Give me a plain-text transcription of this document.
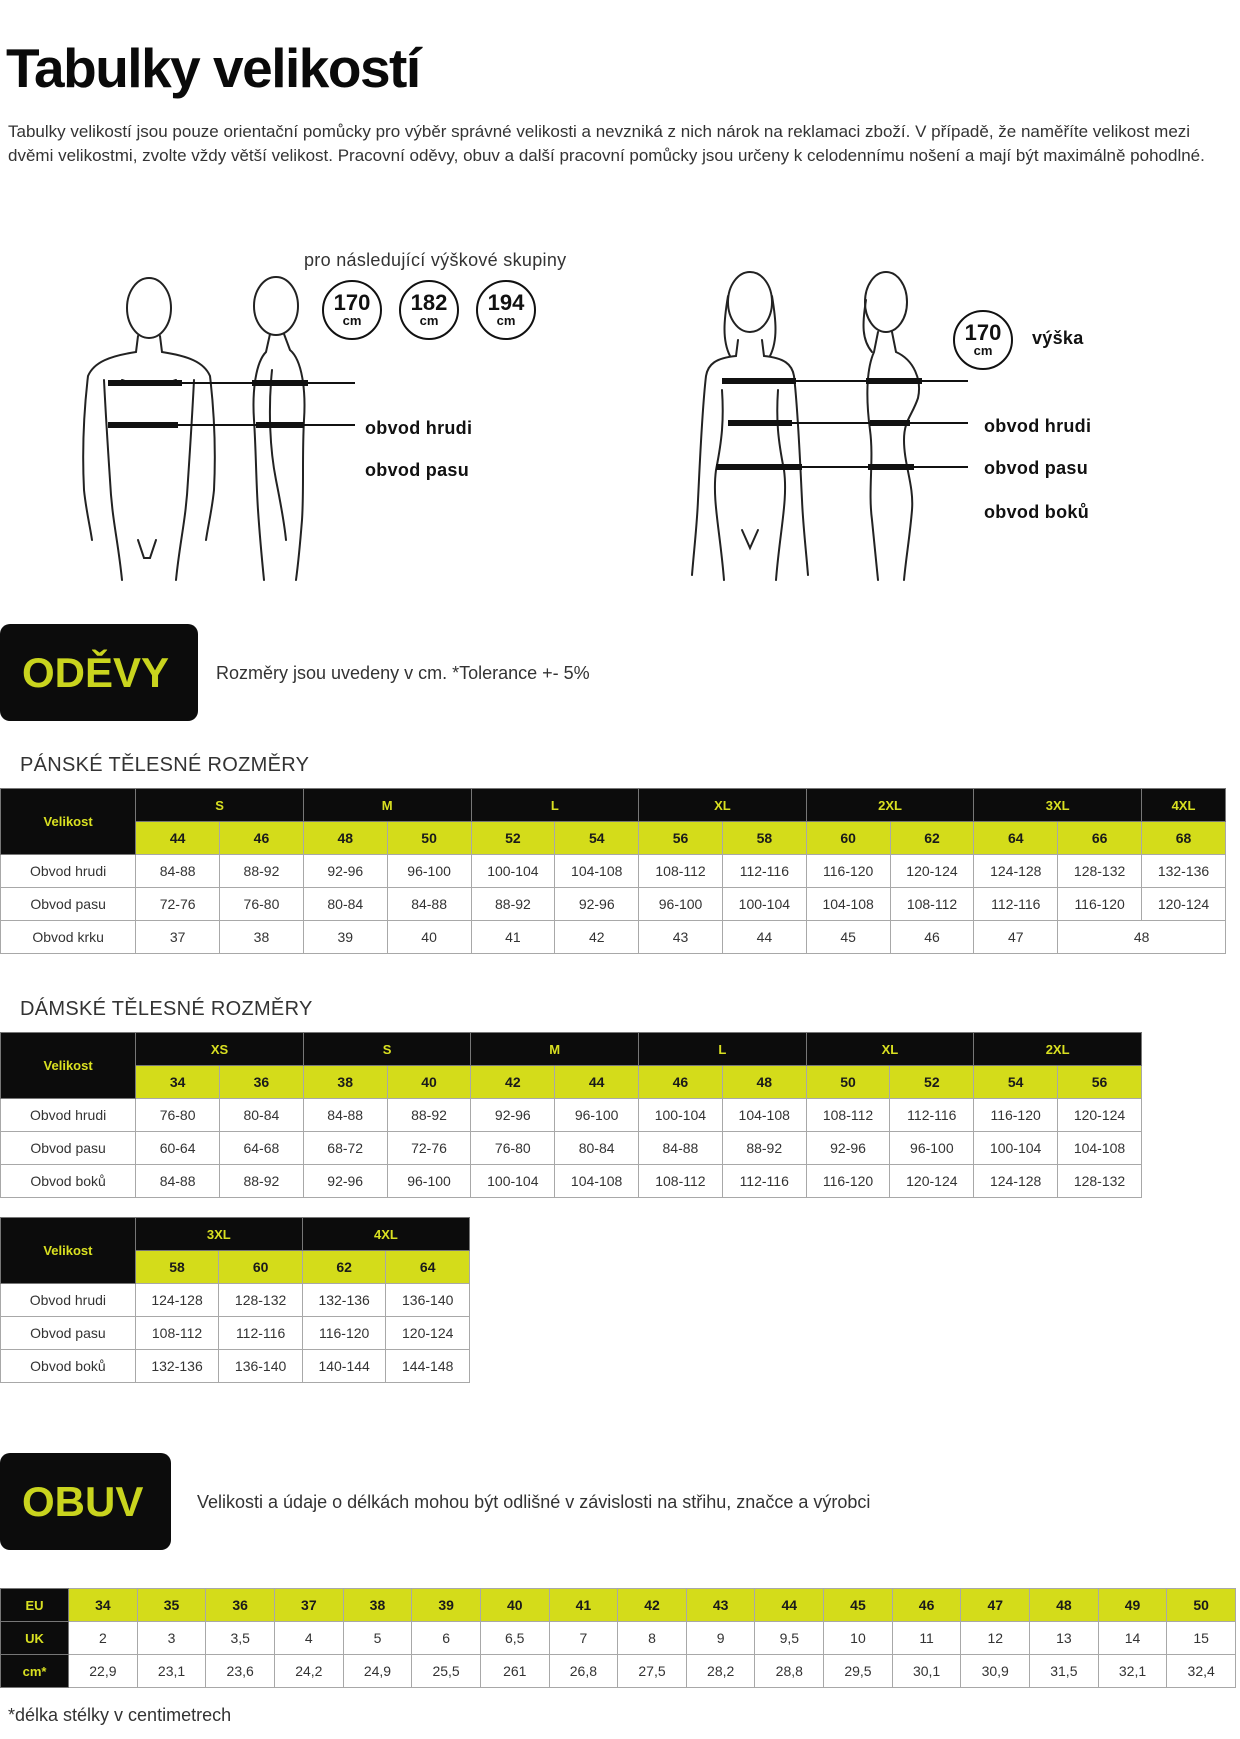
Tabulky velikostí
Tabulky velikostí jsou pouze orientační pomůcky pro výběr správné velikosti a nevzniká z nich nárok na reklamaci zboží. V případě, že naměříte velikost mezi dvěmi velikostmi, zvolte vždy větší velikost. Pracovní oděvy, obuv a další pracovní pomůcky jsou určeny k celodennímu nošení a mají být maximálně pohodlné.
pro následující výškové skupiny
170
cm
182
cm
194
cm
obvod hrudi
obvod pasu
170
cm
výška
obvod hrudi
obvod pasu
obvod boků
ODĚVY	Rozměry jsou uvedeny v cm. *Tolerance +- 5%
PÁNSKÉ TĚLESNÉ ROZMĚRY
Velikost	S		M		L		XL		2XL		3XL		4XL
	44	46	48	50	52	54	56	58	60	62	64	66	68
Obvod hrudi	84-88	88-92	92-96	96-100	100-104	104-108	108-112	112-116	116-120	120-124	124-128	128-132	132-136
Obvod pasu	72-76	76-80	80-84	84-88	88-92	92-96	96-100	100-104	104-108	108-112	112-116	116-120	120-124
Obvod krku	37	38	39	40	41	42	43	44	45	46	47	48	
DÁMSKÉ TĚLESNÉ ROZMĚRY
Velikost	XS		S		M		L		XL		2XL	
	34	36	38	40	42	44	46	48	50	52	54	56
Obvod hrudi	76-80	80-84	84-88	88-92	92-96	96-100	100-104	104-108	108-112	112-116	116-120	120-124
Obvod pasu	60-64	64-68	68-72	72-76	76-80	80-84	84-88	88-92	92-96	96-100	100-104	104-108
Obvod boků	84-88	88-92	92-96	96-100	100-104	104-108	108-112	112-116	116-120	120-124	124-128	128-132
Velikost	3XL		4XL	
	58	60	62	64
Obvod hrudi	124-128	128-132	132-136	136-140
Obvod pasu	108-112	112-116	116-120	120-124
Obvod boků	132-136	136-140	140-144	144-148
OBUV	Velikosti a údaje o délkách mohou být odlišné v závislosti na střihu, značce a výrobci
EU	34	35	36	37	38	39	40	41	42	43	44	45	46	47	48	49	50
UK	2	3	3,5	4	5	6	6,5	7	8	9	9,5	10	11	12	13	14	15
cm*	22,9	23,1	23,6	24,2	24,9	25,5	261	26,8	27,5	28,2	28,8	29,5	30,1	30,9	31,5	32,1	32,4
*délka stélky v centimetrech
